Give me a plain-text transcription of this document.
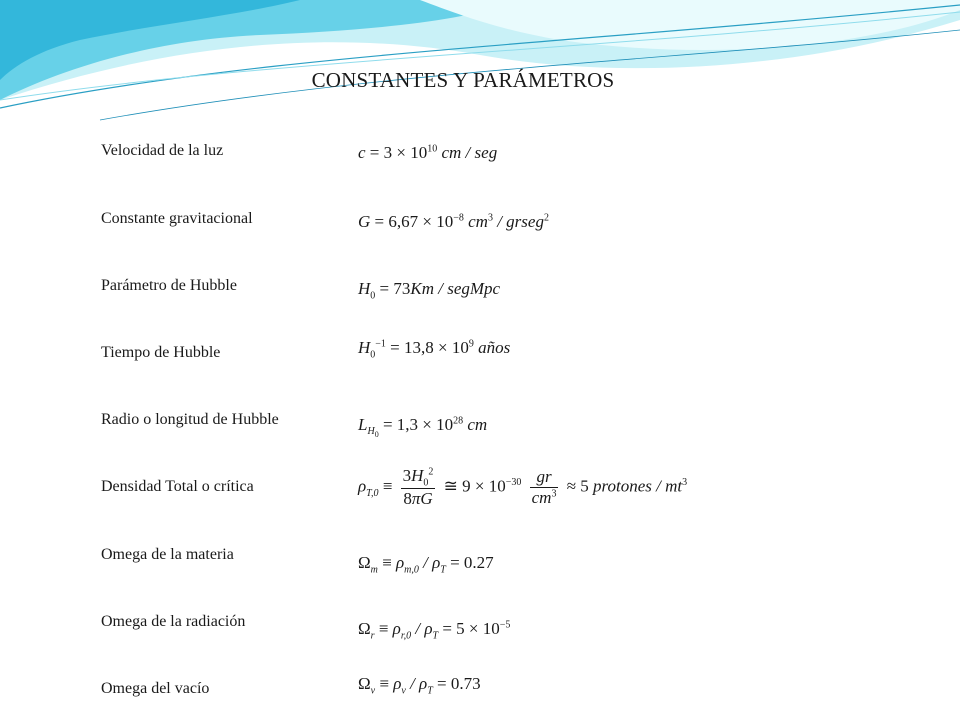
CONSTANTES Y PARÁMETROS
Velocidad de la luz
Constante gravitacional
Parámetro de Hubble
Tiempo de Hubble
Radio o longitud de Hubble
Densidad Total o crítica
Omega de la materia
Omega de la radiación
Omega del vacío
$c = 3 \times 10^{10}$ cm / seg
$G = 6,67 \times 10^{-8}$ $cm^3$ / grseg$^2$
$H_0 = 73Km$ / segMpc
$H_0^{-1} = 13,8 \times 10^9$ años
$L_{H_0} = 1,3 \times 10^{28}$ cm
$\rho_{T,0} \equiv \frac{3H_0^2}{8\pi G}$ ≅ $9 \times 10^{-30} \frac{gr}{cm^3} \approx 5$ protones / $mt^3$
$\Omega_m \equiv \rho_{m,0} / \rho_T = 0.27$
$\Omega_r \equiv \rho_{r,0} / \rho_T = 5 \times 10^{-5}$
$\Omega_v \equiv \rho_v / \rho_T = 0.73$
